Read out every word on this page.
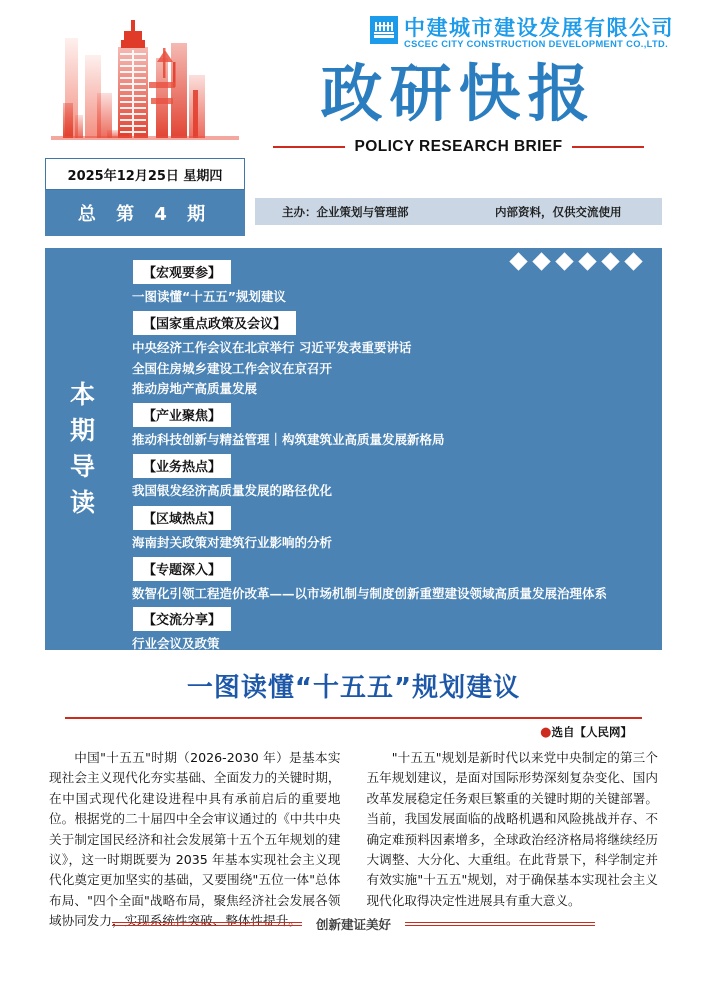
中建城市建设发展有限公司
CSCEC CITY CONSTRUCTION DEVELOPMENT CO.,LTD.
政研快报
POLICY RESEARCH BRIEF
2025年12月25日 星期四
总 第 4 期	主办：企业策划与管理部	内部资料，仅供交流使用
本
期
导
读
【宏观要参】
一图读懂“十五五”规划建议
【国家重点政策及会议】
中央经济工作会议在北京举行 习近平发表重要讲话
全国住房城乡建设工作会议在京召开
推动房地产高质量发展
【产业聚焦】
推动科技创新与精益管理｜构筑建筑业高质量发展新格局
【业务热点】
我国银发经济高质量发展的路径优化
【区域热点】
海南封关政策对建筑行业影响的分析
【专题深入】
数智化引领工程造价改革——以市场机制与制度创新重塑建设领域高质量发展治理体系
【交流分享】
行业会议及政策
一图读懂“十五五”规划建议
●选自【人民网】

中国"十五五"时期（2026-2030 年）是基本实现社会主义现代化夯实基础、全面发力的关键时期，在中国式现代化建设进程中具有承前启后的重要地位。根据党的二十届四中全会审议通过的《中共中央关于制定国民经济和社会发展第十五个五年规划的建议》，这一时期既要为 2035 年基本实现社会主义现代化奠定更加坚实的基础，又要围绕"五位一体"总体布局、"四个全面"战略布局，聚焦经济社会发展各领域协同发力，实现系统性突破、整体性提升。

"十五五"规划是新时代以来党中央制定的第三个五年规划建议，是面对国际形势深刻复杂变化、国内改革发展稳定任务艰巨繁重的关键时期的关键部署。当前，我国发展面临的战略机遇和风险挑战并存、不确定难预料因素增多，全球政治经济格局将继续经历大调整、大分化、大重组。在此背景下，科学制定并有效实施"十五五"规划，对于确保基本实现社会主义现代化取得决定性进展具有重大意义。

创新建证美好
